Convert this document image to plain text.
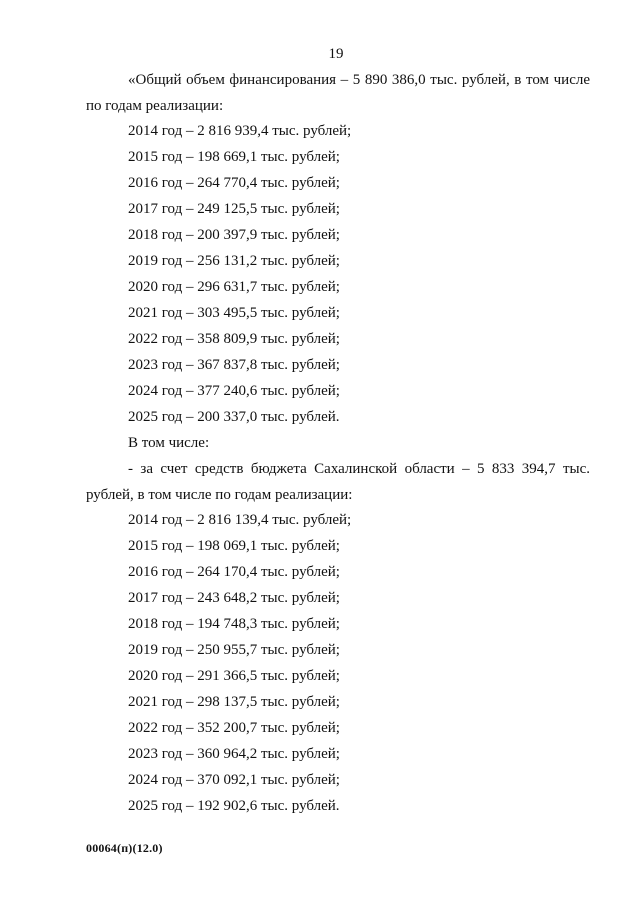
19

«Общий объем финансирования – 5 890 386,0 тыс. рублей, в том числе по годам реализации:

2014 год – 2 816 939,4 тыс. рублей;

2015 год – 198 669,1 тыс. рублей;

2016 год – 264 770,4 тыс. рублей;

2017 год – 249 125,5 тыс. рублей;

2018 год – 200 397,9 тыс. рублей;

2019 год – 256 131,2 тыс. рублей;

2020 год – 296 631,7 тыс. рублей;

2021 год – 303 495,5 тыс. рублей;

2022 год – 358 809,9 тыс. рублей;

2023 год – 367 837,8 тыс. рублей;

2024 год – 377 240,6 тыс. рублей;

2025 год – 200 337,0 тыс. рублей.

В том числе:

- за счет средств бюджета Сахалинской области – 5 833 394,7 тыс. рублей, в том числе по годам реализации:

2014 год – 2 816 139,4 тыс. рублей;

2015 год – 198 069,1 тыс. рублей;

2016 год – 264 170,4 тыс. рублей;

2017 год – 243 648,2 тыс. рублей;

2018 год – 194 748,3 тыс. рублей;

2019 год – 250 955,7 тыс. рублей;

2020 год – 291 366,5 тыс. рублей;

2021 год – 298 137,5 тыс. рублей;

2022 год – 352 200,7 тыс. рублей;

2023 год – 360 964,2 тыс. рублей;

2024 год – 370 092,1 тыс. рублей;

2025 год – 192 902,6 тыс. рублей.

00064(п)(12.0)
